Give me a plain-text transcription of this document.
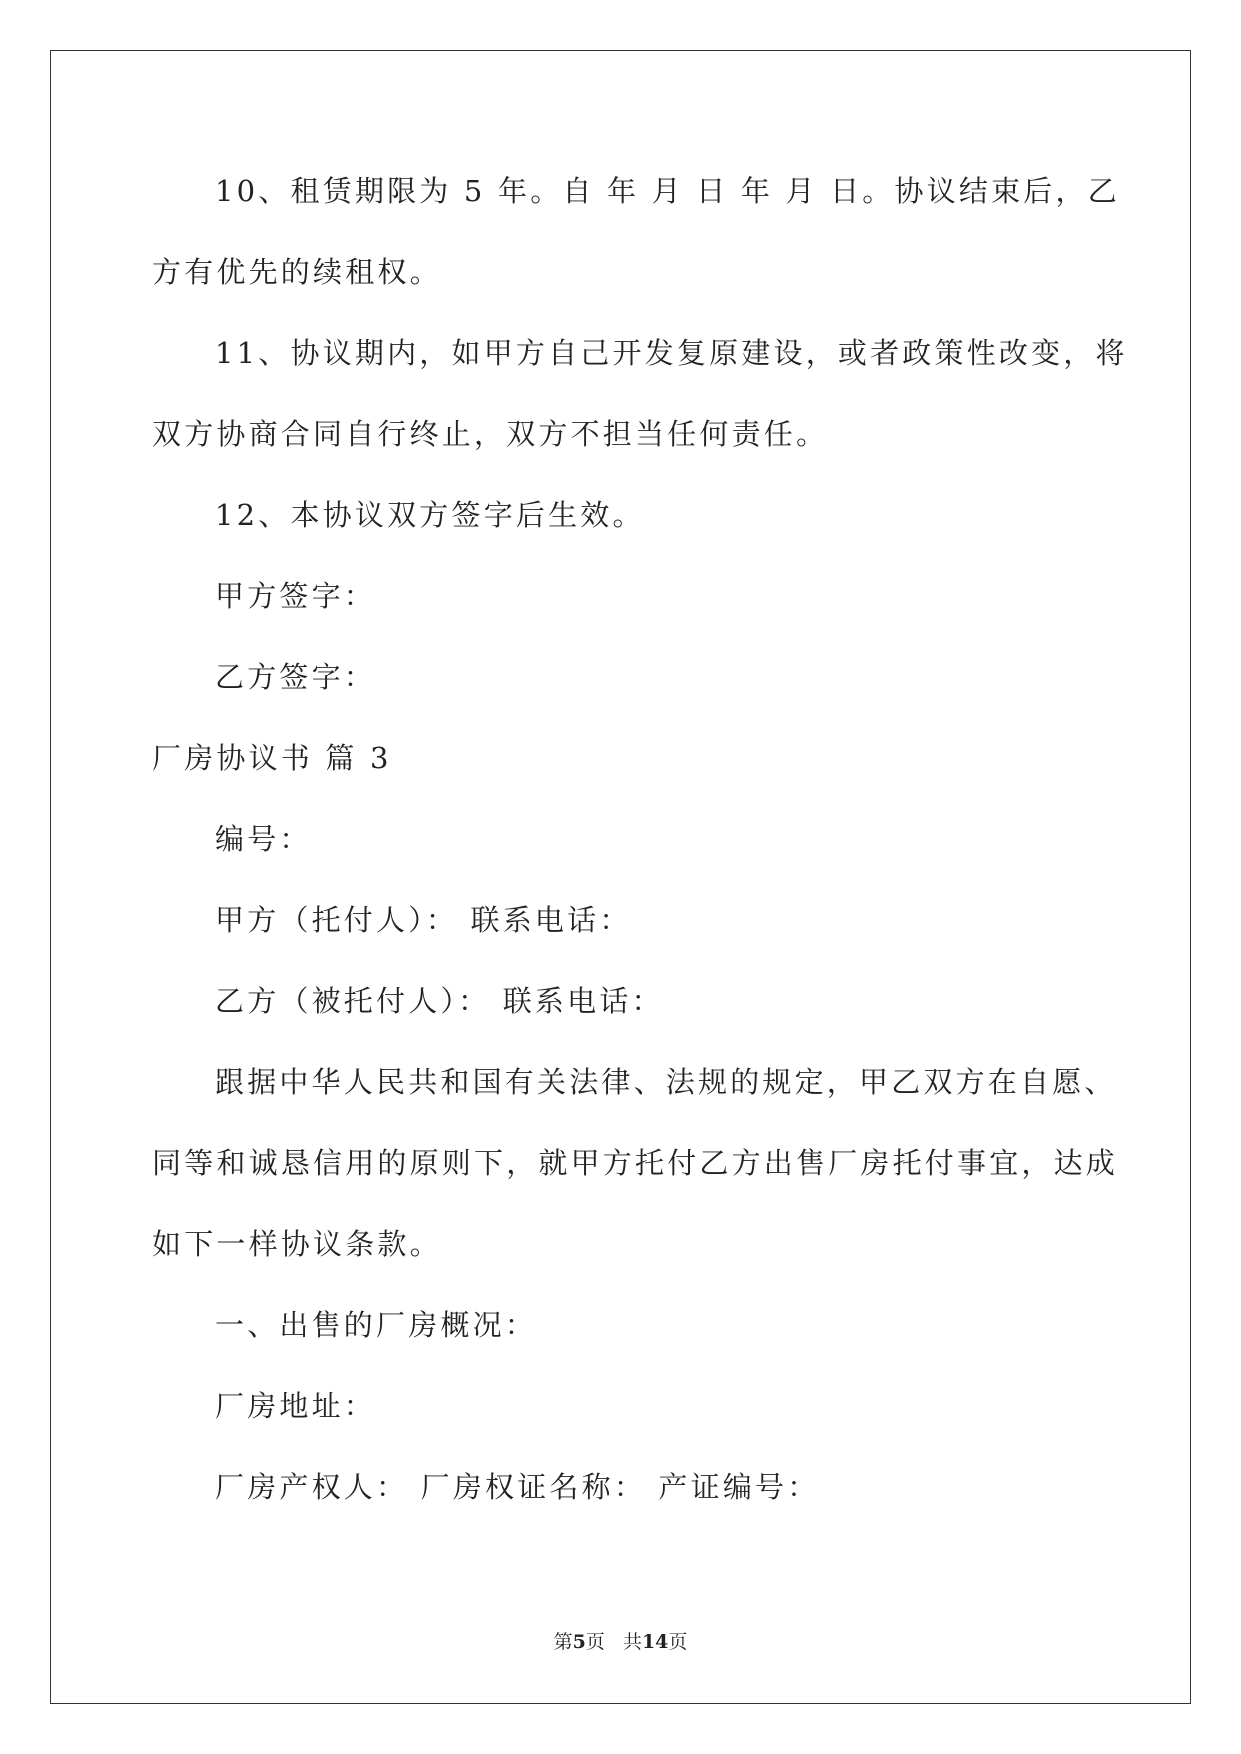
10、租赁期限为 5 年。自 年 月 日 年 月 日。协议结束后，乙

方有优先的续租权。

11、协议期内，如甲方自己开发复原建设，或者政策性改变，将

双方协商合同自行终止，双方不担当任何责任。

12、本协议双方签字后生效。

甲方签字：

乙方签字：

厂房协议书 篇 3

编号：

甲方（托付人）： 联系电话：

乙方（被托付人）： 联系电话：

跟据中华人民共和国有关法律、法规的规定，甲乙双方在自愿、

同等和诚恳信用的原则下，就甲方托付乙方出售厂房托付事宜，达成

如下一样协议条款。

一、出售的厂房概况：

厂房地址：

厂房产权人： 厂房权证名称： 产证编号：

第5页   共14页
